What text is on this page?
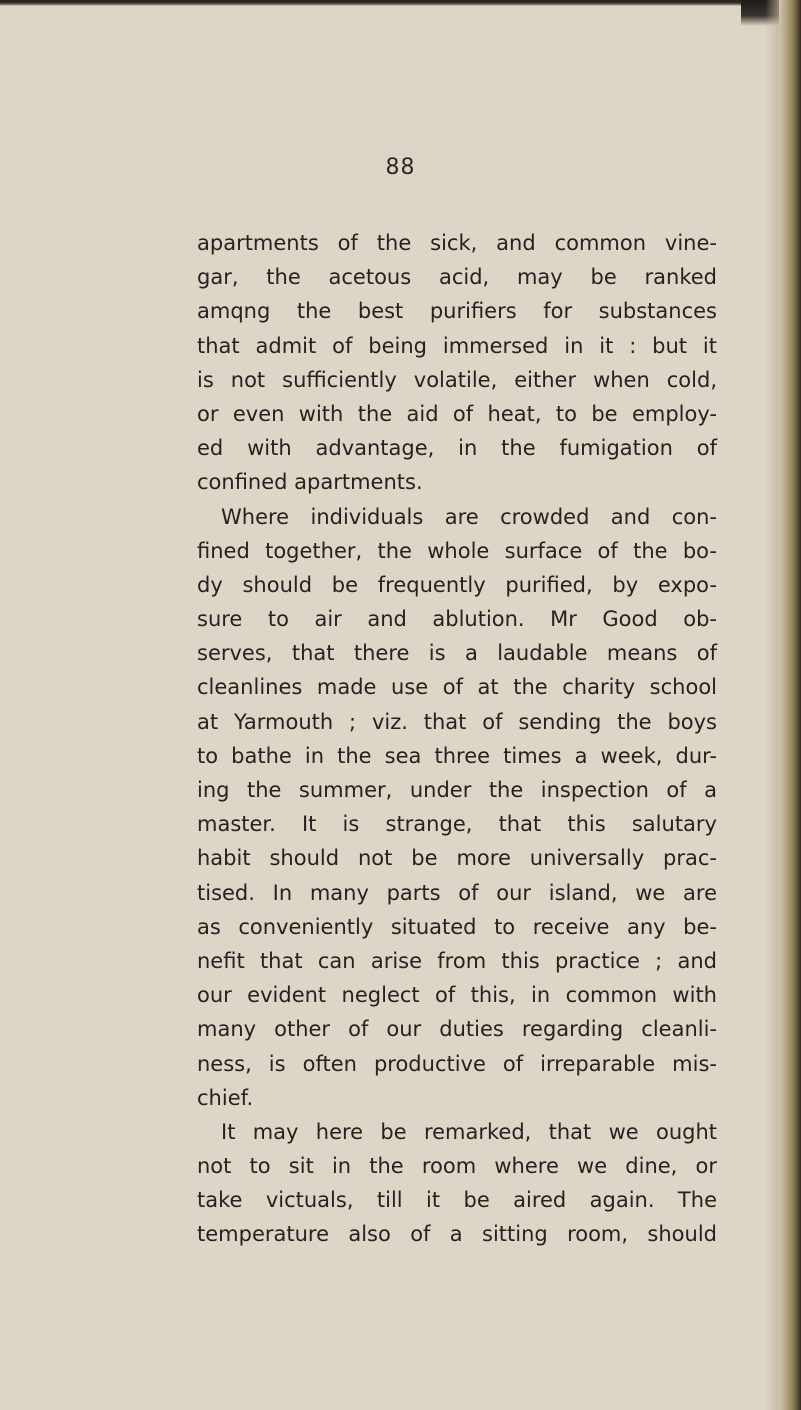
88
apartments of the sick, and common vine-
gar, the acetous acid, may be ranked
amqng the best purifiers for substances
that admit of being immersed in it : but it
is not sufficiently volatile, either when cold,
or even with the aid of heat, to be employ-
ed with advantage, in the fumigation of
confined apartments.
Where individuals are crowded and con-
fined together, the whole surface of the bo-
dy should be frequently purified, by expo-
sure to air and ablution. Mr Good ob-
serves, that there is a laudable means of
cleanlines made use of at the charity school
at Yarmouth ; viz. that of sending the boys
to bathe in the sea three times a week, dur-
ing the summer, under the inspection of a
master. It is strange, that this salutary
habit should not be more universally prac-
tised. In many parts of our island, we are
as conveniently situated to receive any be-
nefit that can arise from this practice ; and
our evident neglect of this, in common with
many other of our duties regarding cleanli-
ness, is often productive of irreparable mis-
chief.
It may here be remarked, that we ought
not to sit in the room where we dine, or
take victuals, till it be aired again. The
temperature also of a sitting room, should
